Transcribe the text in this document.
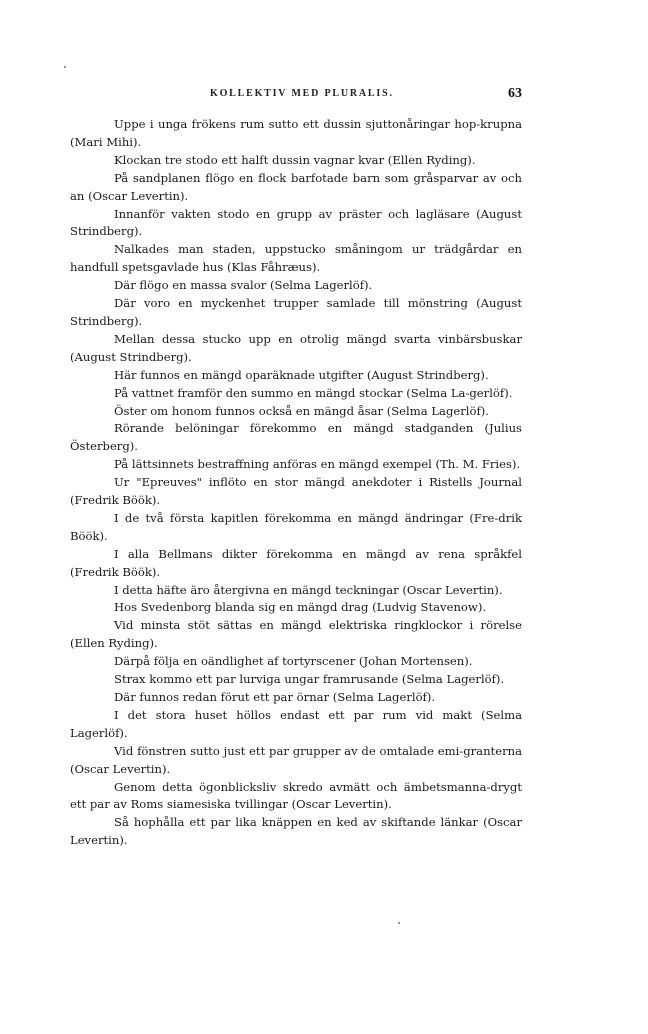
KOLLEKTIV MED PLURALIS.	63

Uppe i unga frökens rum sutto ett dussin sjuttonåringar hop-krupna (Mari Mihi).

Klockan tre stodo ett halft dussin vagnar kvar (Ellen Ryding).

På sandplanen flögo en flock barfotade barn som gråsparvar av och an (Oscar Levertin).

Innanför vakten stodo en grupp av präster och lagläsare (August Strindberg).

Nalkades man staden, uppstucko småningom ur trädgårdar en handfull spetsgavlade hus (Klas Fåhræus).

Där flögo en massa svalor (Selma Lagerlöf).

Där voro en myckenhet trupper samlade till mönstring (August Strindberg).

Mellan dessa stucko upp en otrolig mängd svarta vinbärsbuskar (August Strindberg).

Här funnos en mängd oparäknade utgifter (August Strindberg).

På vattnet framför den summo en mängd stockar (Selma La-gerlöf).

Öster om honom funnos också en mängd åsar (Selma Lagerlöf).

Rörande belöningar förekommo en mängd stadganden (Julius Österberg).

På lättsinnets bestraffning anföras en mängd exempel (Th. M. Fries).

Ur "Epreuves" inflöto en stor mängd anekdoter i Ristells Journal (Fredrik Böök).

I de två första kapitlen förekomma en mängd ändringar (Fre-drik Böök).

I alla Bellmans dikter förekomma en mängd av rena språkfel (Fredrik Böök).

I detta häfte äro återgivna en mängd teckningar (Oscar Levertin).

Hos Svedenborg blanda sig en mängd drag (Ludvig Stavenow).

Vid minsta stöt sättas en mängd elektriska ringklockor i rörelse (Ellen Ryding).

Därpå följa en oändlighet af tortyrscener (Johan Mortensen).

Strax kommo ett par lurviga ungar framrusande (Selma Lagerlöf).

Där funnos redan förut ett par örnar (Selma Lagerlöf).

I det stora huset höllos endast ett par rum vid makt (Selma Lagerlöf).

Vid fönstren sutto just ett par grupper av de omtalade emi-granterna (Oscar Levertin).

Genom detta ögonblicksliv skredo avmätt och ämbetsmanna-drygt ett par av Roms siamesiska tvillingar (Oscar Levertin).

Så hophålla ett par lika knäppen en ked av skiftande länkar (Oscar Levertin).
